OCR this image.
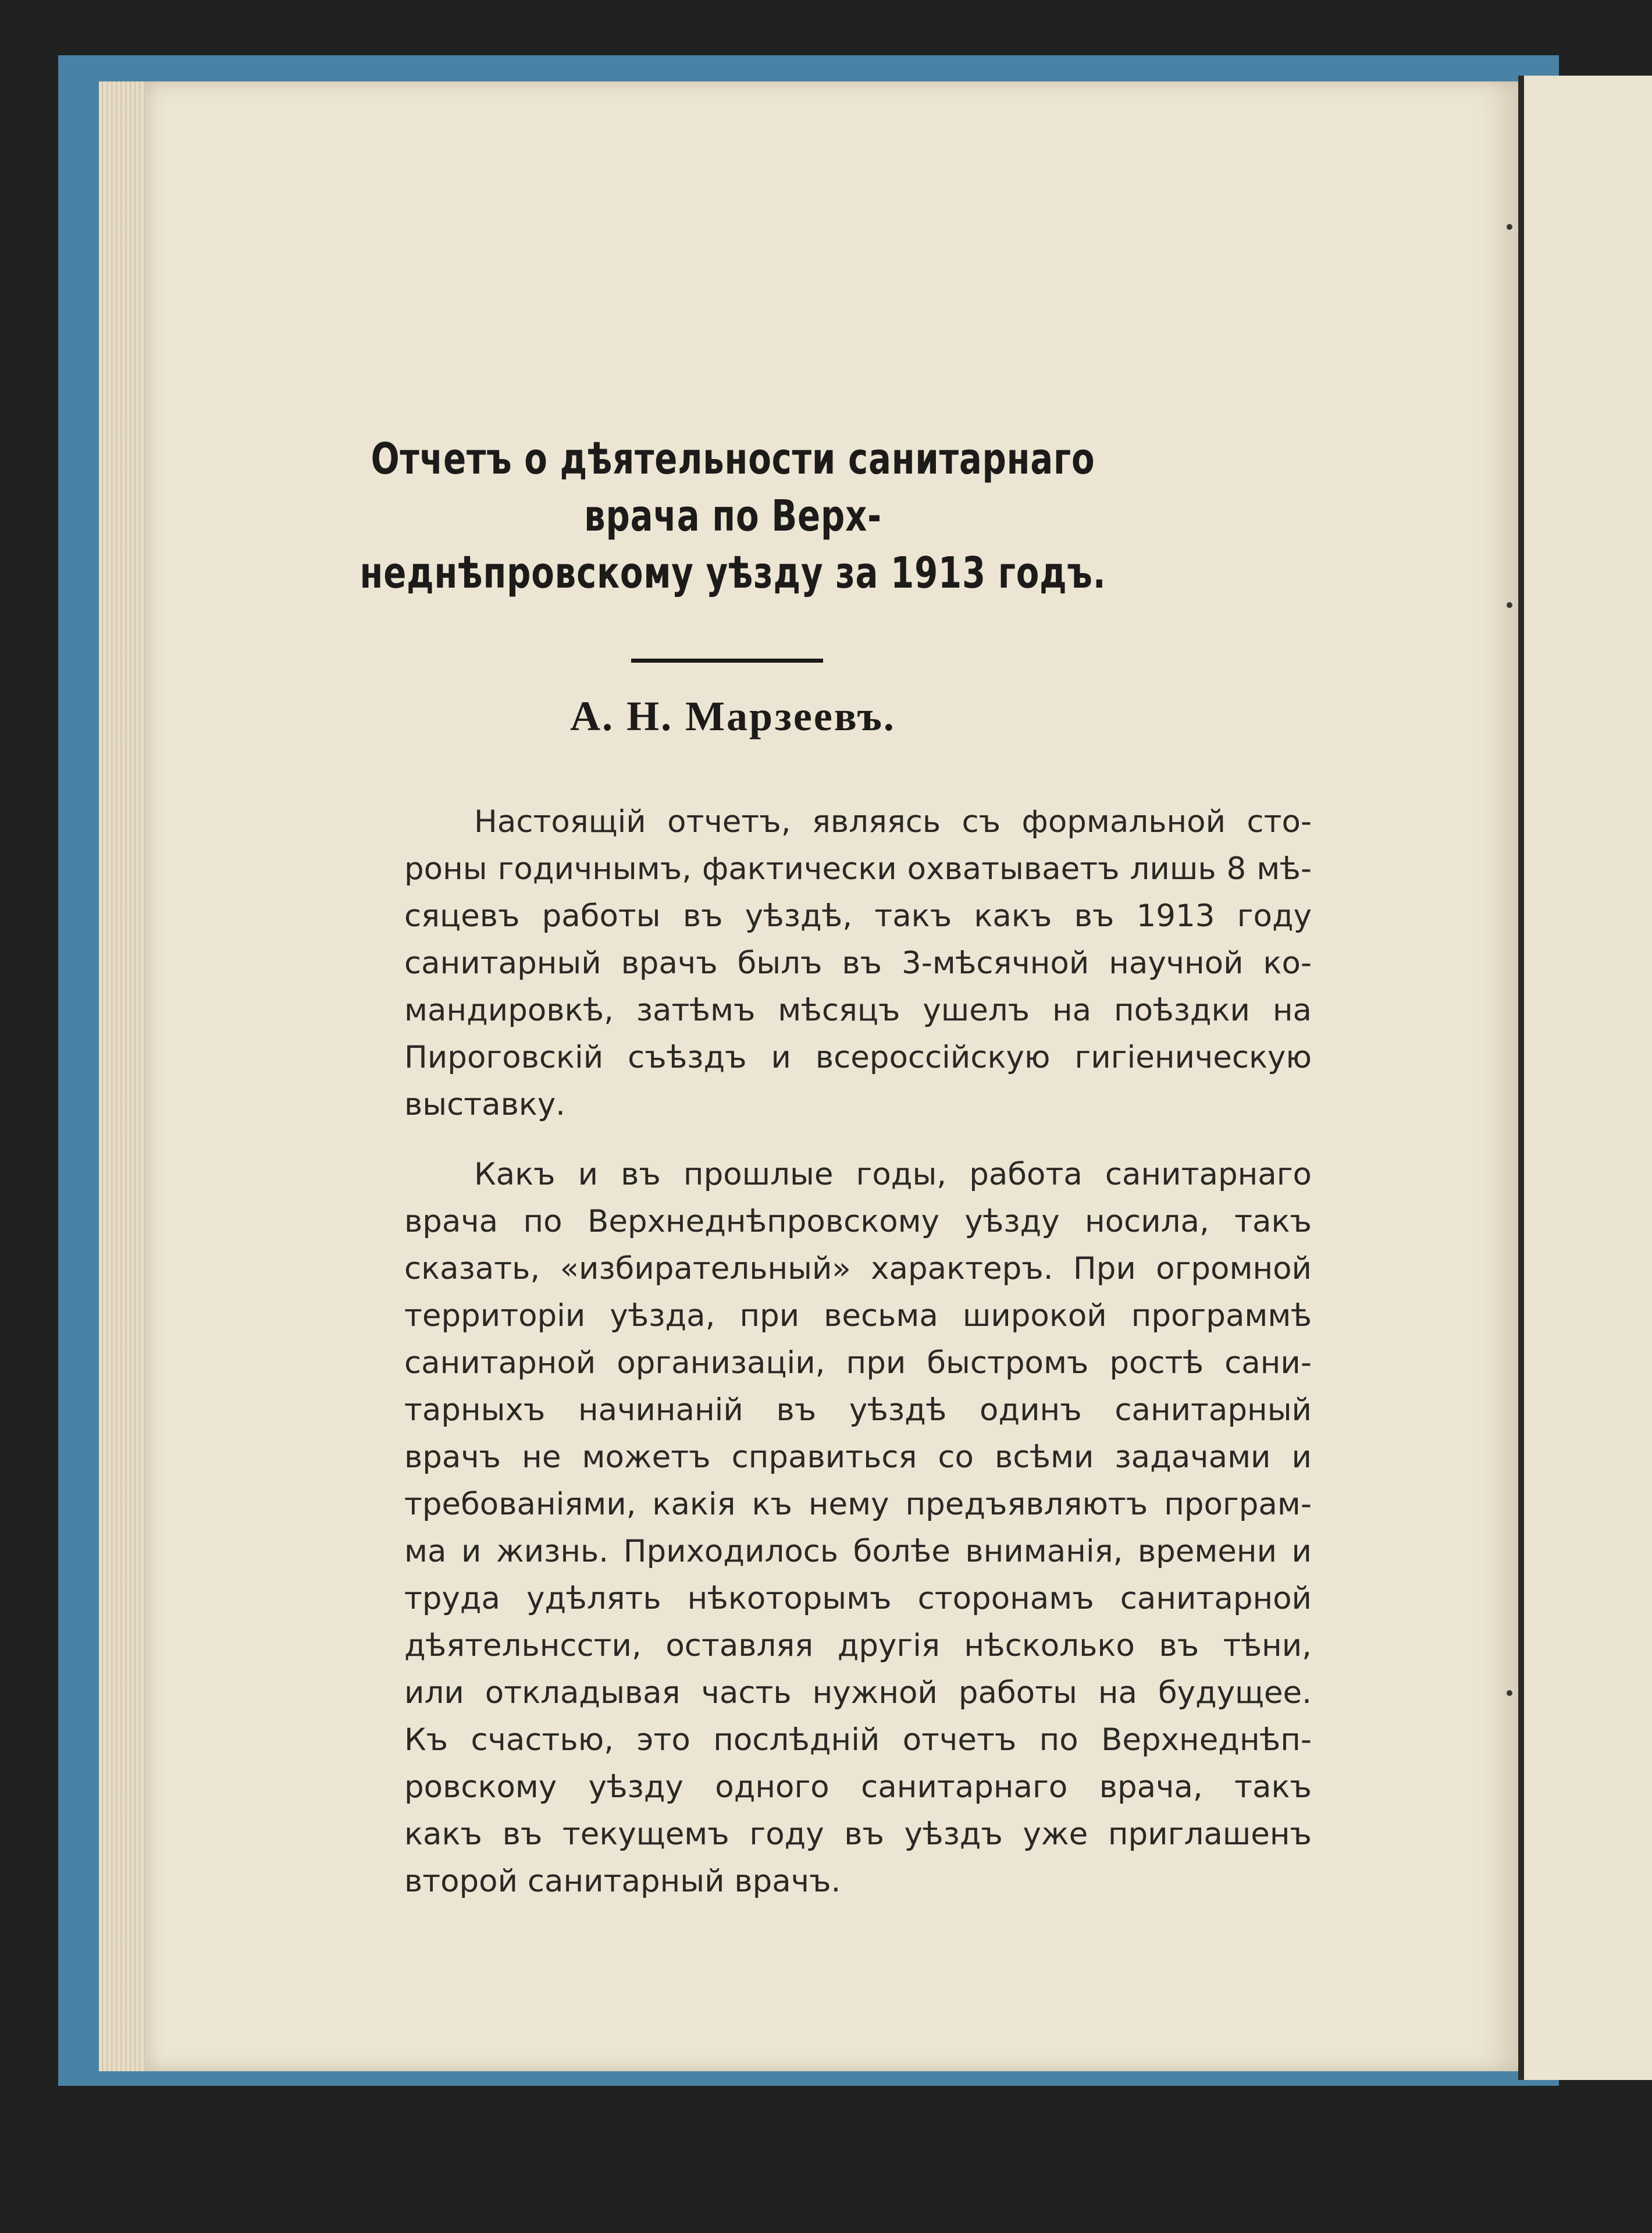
Отчетъ о дѣятельности санитарнаго врача по Верх-
неднѣпровскому уѣзду за 1913 годъ.
А. Н. Марзеевъ.
Настоящій отчетъ, являясь съ формальной сто-
роны годичнымъ, фактически охватываетъ лишь 8 мѣ-
сяцевъ работы въ уѣздѣ, такъ какъ въ 1913 году
санитарный врачъ былъ въ 3-мѣсячной научной ко-
мандировкѣ, затѣмъ мѣсяцъ ушелъ на поѣздки на
Пироговскій съѣздъ и всероссійскую гигіеническую
выставку.
Какъ и въ прошлые годы, работа санитарнаго
врача по Верхнеднѣпровскому уѣзду носила, такъ
сказать, «избирательный» характеръ. При огромной
территоріи уѣзда, при весьма широкой программѣ
санитарной организаціи, при быстромъ ростѣ сани-
тарныхъ начинаній въ уѣздѣ одинъ санитарный
врачъ не можетъ справиться со всѣми задачами и
требованіями, какія къ нему предъявляютъ програм-
ма и жизнь. Приходилось болѣе вниманія, времени и
труда удѣлять нѣкоторымъ сторонамъ санитарной
дѣятельнсcти, оставляя другія нѣсколько въ тѣни,
или откладывая часть нужной работы на будущее.
Къ счастью, это послѣдній отчетъ по Верхнеднѣп-
ровскому уѣзду одного санитарнаго врача, такъ
какъ въ текущемъ году въ уѣздъ уже приглашенъ
второй санитарный врачъ.
